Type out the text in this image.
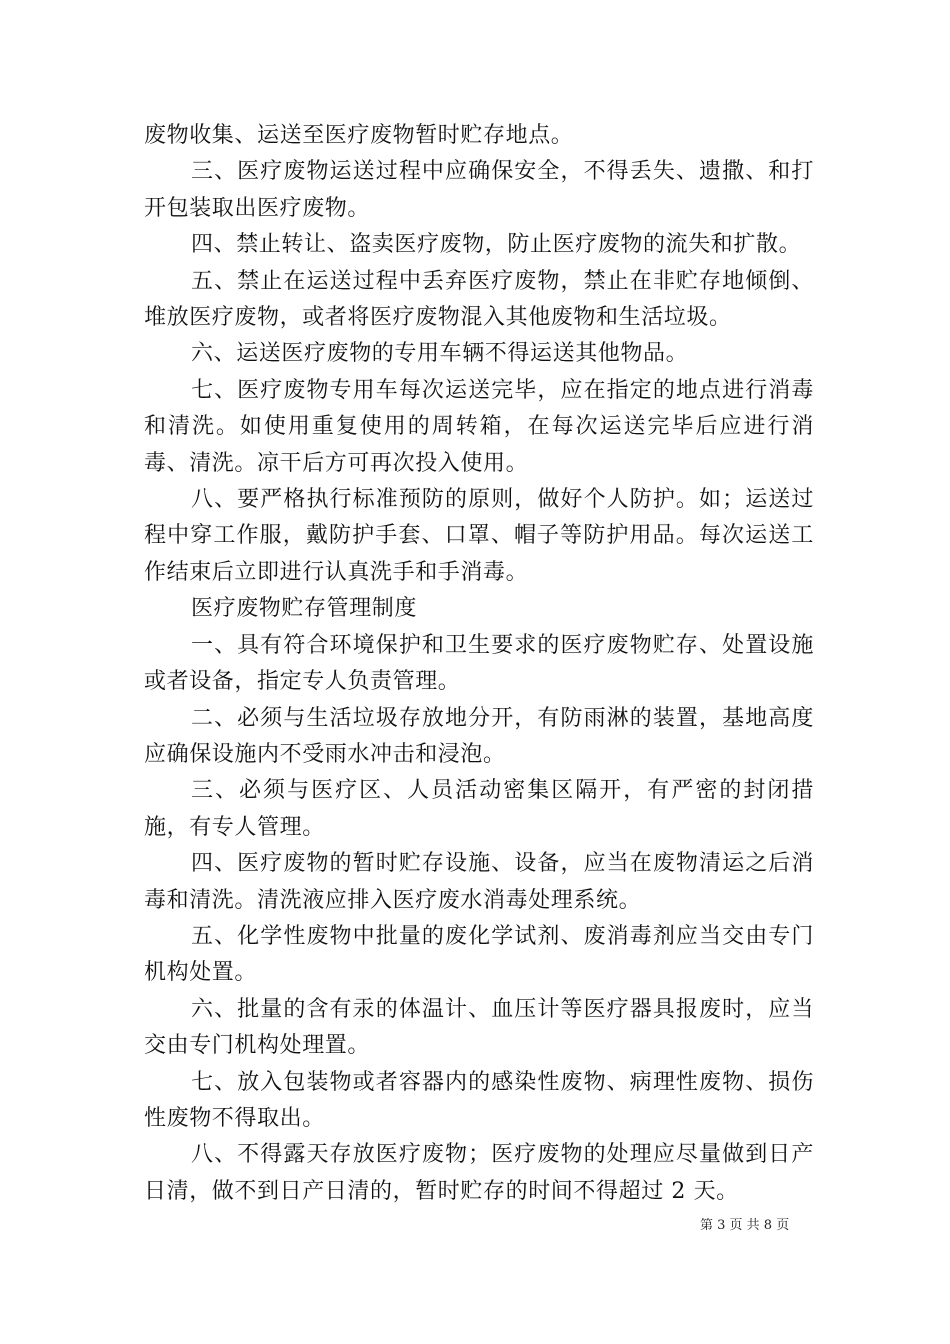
废物收集、运送至医疗废物暂时贮存地点。

三、医疗废物运送过程中应确保安全，不得丢失、遗撒、和打开包装取出医疗废物。

四、禁止转让、盗卖医疗废物，防止医疗废物的流失和扩散。

五、禁止在运送过程中丢弃医疗废物，禁止在非贮存地倾倒、堆放医疗废物，或者将医疗废物混入其他废物和生活垃圾。

六、运送医疗废物的专用车辆不得运送其他物品。

七、医疗废物专用车每次运送完毕，应在指定的地点进行消毒和清洗。如使用重复使用的周转箱，在每次运送完毕后应进行消毒、清洗。凉干后方可再次投入使用。

八、要严格执行标准预防的原则，做好个人防护。如；运送过程中穿工作服，戴防护手套、口罩、帽子等防护用品。每次运送工作结束后立即进行认真洗手和手消毒。

医疗废物贮存管理制度

一、具有符合环境保护和卫生要求的医疗废物贮存、处置设施或者设备，指定专人负责管理。

二、必须与生活垃圾存放地分开，有防雨淋的装置，基地高度应确保设施内不受雨水冲击和浸泡。

三、必须与医疗区、人员活动密集区隔开，有严密的封闭措施，有专人管理。

四、医疗废物的暂时贮存设施、设备，应当在废物清运之后消毒和清洗。清洗液应排入医疗废水消毒处理系统。

五、化学性废物中批量的废化学试剂、废消毒剂应当交由专门机构处置。

六、批量的含有汞的体温计、血压计等医疗器具报废时，应当交由专门机构处理置。

七、放入包装物或者容器内的感染性废物、病理性废物、损伤性废物不得取出。

八、不得露天存放医疗废物；医疗废物的处理应尽量做到日产日清，做不到日产日清的，暂时贮存的时间不得超过 2 天。

第 3 页 共 8 页
